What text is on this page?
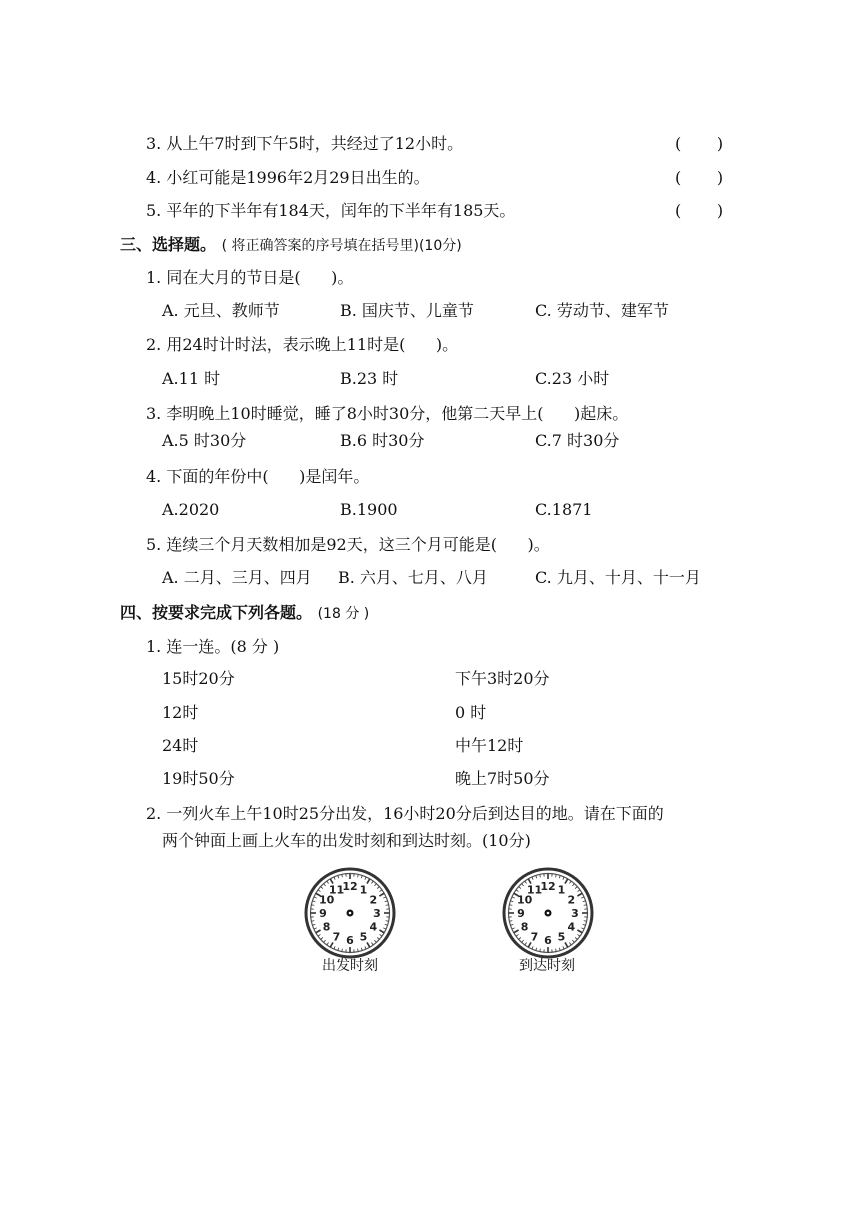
3. 从上午7时到下午5时，共经过了12小时。	(       )
4. 小红可能是1996年2月29日出生的。	(       )
5. 平年的下半年有184天，闰年的下半年有185天。	(       )
三、选择题。 ( 将正确答案的序号填在括号里)(10分)
1. 同在大月的节日是(      )。
A. 元旦、教师节	B. 国庆节、儿童节	C. 劳动节、建军节
2. 用24时计时法，表示晚上11时是(      )。
A.11 时	B.23 时	C.23 小时
3. 李明晚上10时睡觉，睡了8小时30分，他第二天早上(      )起床。
A.5 时30分	B.6 时30分	C.7 时30分
4. 下面的年份中(      )是闰年。
A.2020	B.1900	C.1871
5. 连续三个月天数相加是92天，这三个月可能是(      )。
A. 二月、三月、四月 B. 六月、七月、八月	C. 九月、十月、十一月
四、按要求完成下列各题。 (18 分 )
1. 连一连。(8 分 )
15时20分	下午3时20分
12时	0 时
24时	中午12时
19时50分	晚上7时50分
2. 一列火车上午10时25分出发，16小时20分后到达目的地。请在下面的
两个钟面上画上火车的出发时刻和到达时刻。(10分)
12 1
2
3
4
5
6
7
8
9
10
11
出发时刻
12 1
2
3
4
5
6
7
8
9
10
11
到达时刻
